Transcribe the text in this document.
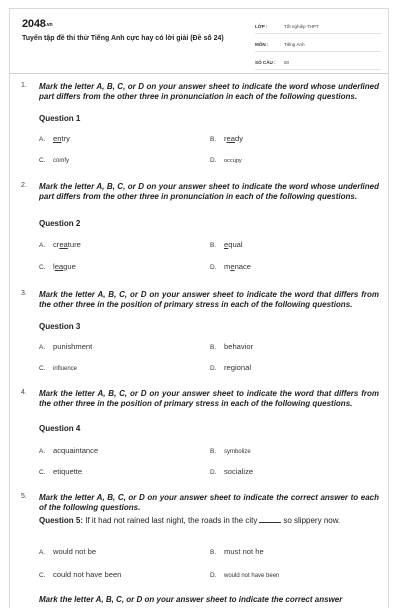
2048.vn
Tuyển tập đề thi thử Tiếng Anh cực hay có lời giải (Đề số 24)
LỚP :	Tốt nghiệp THPT
MÔN :	Tiếng Anh
SỐ CÂU :	50
1. Mark the letter A, B, C, or D on your answer sheet to indicate the word whose underlined part differs from the other three in pronunciation in each of the following questions.
Question 1
A. entry	B. ready
C. comfy	D. occupy
2. Mark the letter A, B, C, or D on your answer sheet to indicate the word whose underlined part differs from the other three in pronunciation in each of the following questions.
Question 2
A. creature	B. equal
C. league	D. menace
3. Mark the letter A, B, C, or D on your answer sheet to indicate the word that differs from the other three in the position of primary stress in each of the following questions.
Question 3
A. punishment	B. behavior
C. influence	D. regional
4. Mark the letter A, B, C, or D on your answer sheet to indicate the word that differs from the other three in the position of primary stress in each of the following questions.
Question 4
A. acquaintance	B. symbolize
C. etiquette	D. socialize
5. Mark the letter A, B, C, or D on your answer sheet to indicate the correct answer to each of the following questions.
Question 5: If it had not rained last night, the roads in the city	so slippery now.
A. would not be	B. must not he
C. could not have been	D. would not have been
Mark the letter A, B, C, or D on your answer sheet to indicate the correct answer
